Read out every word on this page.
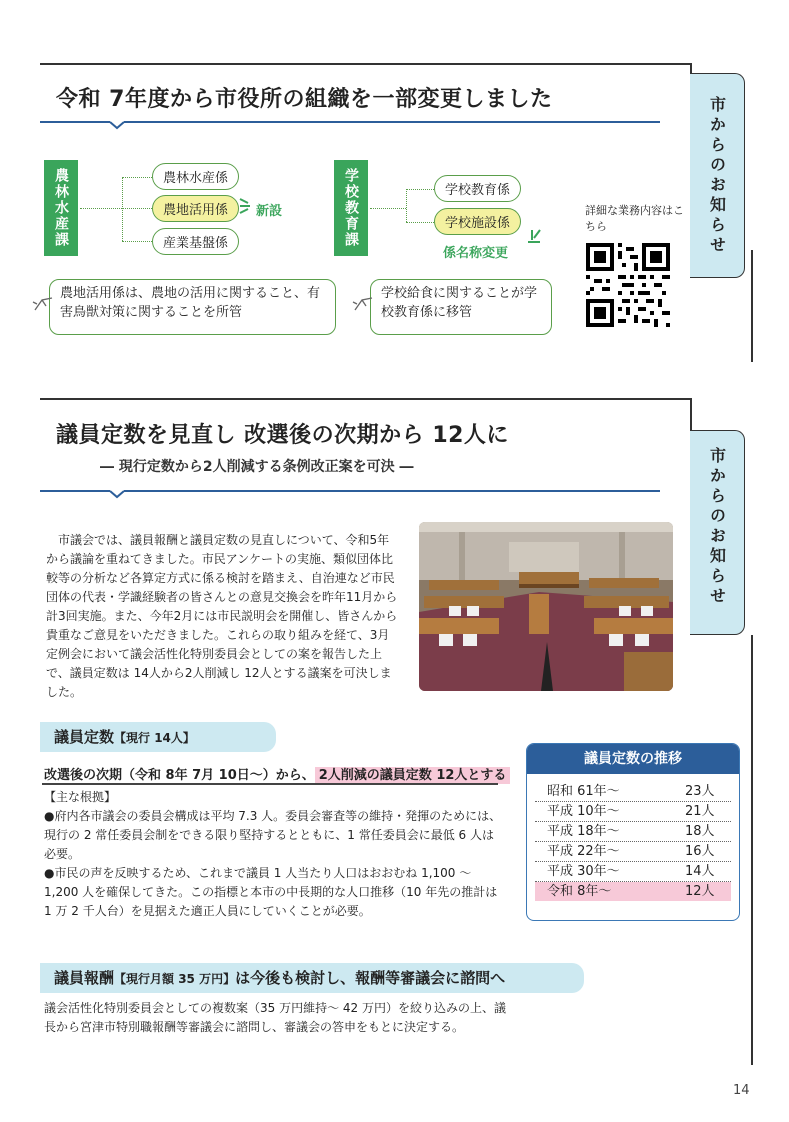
令和 7年度から市役所の組織を一部変更しました	市からのお知らせ
農林水産課	農林水産係
農地活用係
産業基盤係
新設
農地活用係は、農地の活用に関すること、有害鳥獣対策に関することを所管
学校教育課	学校教育係
学校施設係
係名称変更
学校給食に関することが学校教育係に移管
詳細な業務内容はこちら
議員定数を見直し 改選後の次期から 12人に
― 現行定数から2人削減する条例改正案を可決 ―	市からのお知らせ
　市議会では、議員報酬と議員定数の見直しについて、令和5年から議論を重ねてきました。市民アンケートの実施、類似団体比較等の分析など各算定方式に係る検討を踏まえ、自治連など市民団体の代表・学識経験者の皆さんとの意見交換会を昨年11月から計3回実施。また、今年2月には市民説明会を開催し、皆さんから貴重なご意見をいただきました。これらの取り組みを経て、3月定例会において議会活性化特別委員会としての案を報告した上で、議員定数は 14人から2人削減し 12人とする議案を可決しました。
議員定数【現行 14人】
改選後の次期（令和 8年 7月 10日～）から、 2人削減の議員定数 12人とする
【主な根拠】
●府内各市議会の委員会構成は平均 7.3 人。委員会審査等の維持・発揮のためには、現行の 2 常任委員会制をできる限り堅持するとともに、1 常任委員会に最低 6 人は必要。
●市民の声を反映するため、これまで議員 1 人当たり人口はおおむね 1,100 ～ 1,200 人を確保してきた。この指標と本市の中長期的な人口推移（10 年先の推計は 1 万 2 千人台）を見据えた適正人員にしていくことが必要。
議員定数の推移
昭和 61年～	23人
平成 10年～	21人
平成 18年～	18人
平成 22年～	16人
平成 30年～	14人
令和 8年～	12人
議員報酬【現行月額 35 万円】は今後も検討し、報酬等審議会に諮問へ
議会活性化特別委員会としての複数案（35 万円維持～ 42 万円）を絞り込みの上、議長から宮津市特別職報酬等審議会に諮問し、審議会の答申をもとに決定する。
14
